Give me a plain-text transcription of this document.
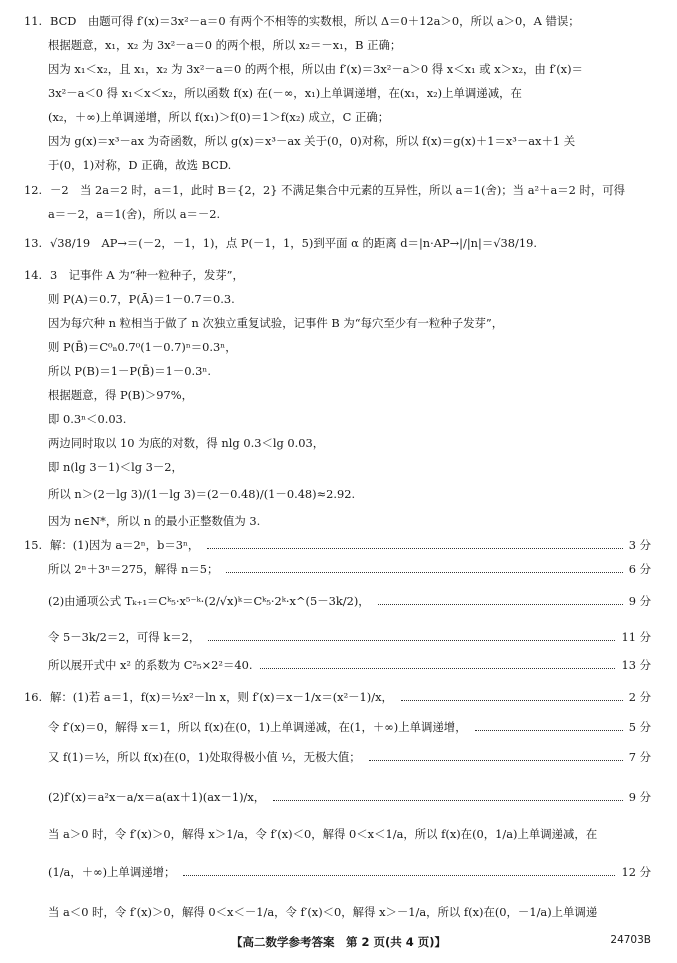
11. BCD　由题可得 f′(x)＝3x²－a＝0 有两个不相等的实数根，所以 Δ＝0＋12a＞0，所以 a＞0，A 错误；
根据题意，x₁，x₂ 为 3x²－a＝0 的两个根，所以 x₂＝－x₁，B 正确；
因为 x₁＜x₂，且 x₁，x₂ 为 3x²－a＝0 的两个根，所以由 f′(x)＝3x²－a＞0 得 x＜x₁ 或 x＞x₂，由 f′(x)＝
3x²－a＜0 得 x₁＜x＜x₂，所以函数 f(x) 在(－∞，x₁)上单调递增，在(x₁，x₂)上单调递减，在
(x₂，＋∞)上单调递增，所以 f(x₁)＞f(0)＝1＞f(x₂) 成立，C 正确；
因为 g(x)＝x³－ax 为奇函数，所以 g(x)＝x³－ax 关于(0，0)对称，所以 f(x)＝g(x)＋1＝x³－ax＋1 关
于(0，1)对称，D 正确，故选 BCD.
12. －2　当 2a＝2 时，a＝1，此时 B＝{2，2} 不满足集合中元素的互异性，所以 a＝1(舍)；当 a²＋a＝2 时，可得
a＝－2，a＝1(舍)，所以 a＝－2.
13. √38/19　AP→＝(－2，－1，1)，点 P(－1，1，5)到平面 α 的距离 d＝|n·AP→|/|n|＝√38/19.
14. 3　记事件 A 为“种一粒种子，发芽”，
则 P(A)＝0.7，P(Ā)＝1－0.7＝0.3.
因为每穴种 n 粒相当于做了 n 次独立重复试验，记事件 B 为“每穴至少有一粒种子发芽”，
则 P(B̄)＝C⁰ₙ0.7⁰(1－0.7)ⁿ＝0.3ⁿ，
所以 P(B)＝1－P(B̄)＝1－0.3ⁿ.
根据题意，得 P(B)＞97%，
即 0.3ⁿ＜0.03.
两边同时取以 10 为底的对数，得 nlg 0.3＜lg 0.03，
即 n(lg 3－1)＜lg 3－2，
所以 n＞(2－lg 3)/(1－lg 3)＝(2－0.48)/(1－0.48)≈2.92.
因为 n∈N*，所以 n 的最小正整数值为 3.
15. 解：(1)因为 a＝2ⁿ，b＝3ⁿ，	3 分
所以 2ⁿ＋3ⁿ＝275，解得 n＝5；	6 分
(2)由通项公式 Tₖ₊₁＝Cᵏ₅·x⁵⁻ᵏ·(2/√x)ᵏ＝Cᵏ₅·2ᵏ·x^(5－3k/2)，	9 分
令 5－3k/2＝2，可得 k＝2，	11 分
所以展开式中 x² 的系数为 C²₅×2²＝40.	13 分
16. 解：(1)若 a＝1，f(x)＝½x²－ln x，则 f′(x)＝x－1/x＝(x²－1)/x，	2 分
令 f′(x)＝0，解得 x＝1，所以 f(x)在(0，1)上单调递减，在(1，＋∞)上单调递增，	5 分
又 f(1)＝½，所以 f(x)在(0，1)处取得极小值 ½，无极大值；	7 分
(2)f′(x)＝a²x－a/x＝a(ax＋1)(ax－1)/x，	9 分
当 a＞0 时，令 f′(x)＞0，解得 x＞1/a，令 f′(x)＜0，解得 0＜x＜1/a，所以 f(x)在(0，1/a)上单调递减，在
(1/a，＋∞)上单调递增；	12 分
当 a＜0 时，令 f′(x)＞0，解得 0＜x＜－1/a，令 f′(x)＜0，解得 x＞－1/a，所以 f(x)在(0，－1/a)上单调递
【高二数学参考答案　第 2 页(共 4 页)】	24703B
